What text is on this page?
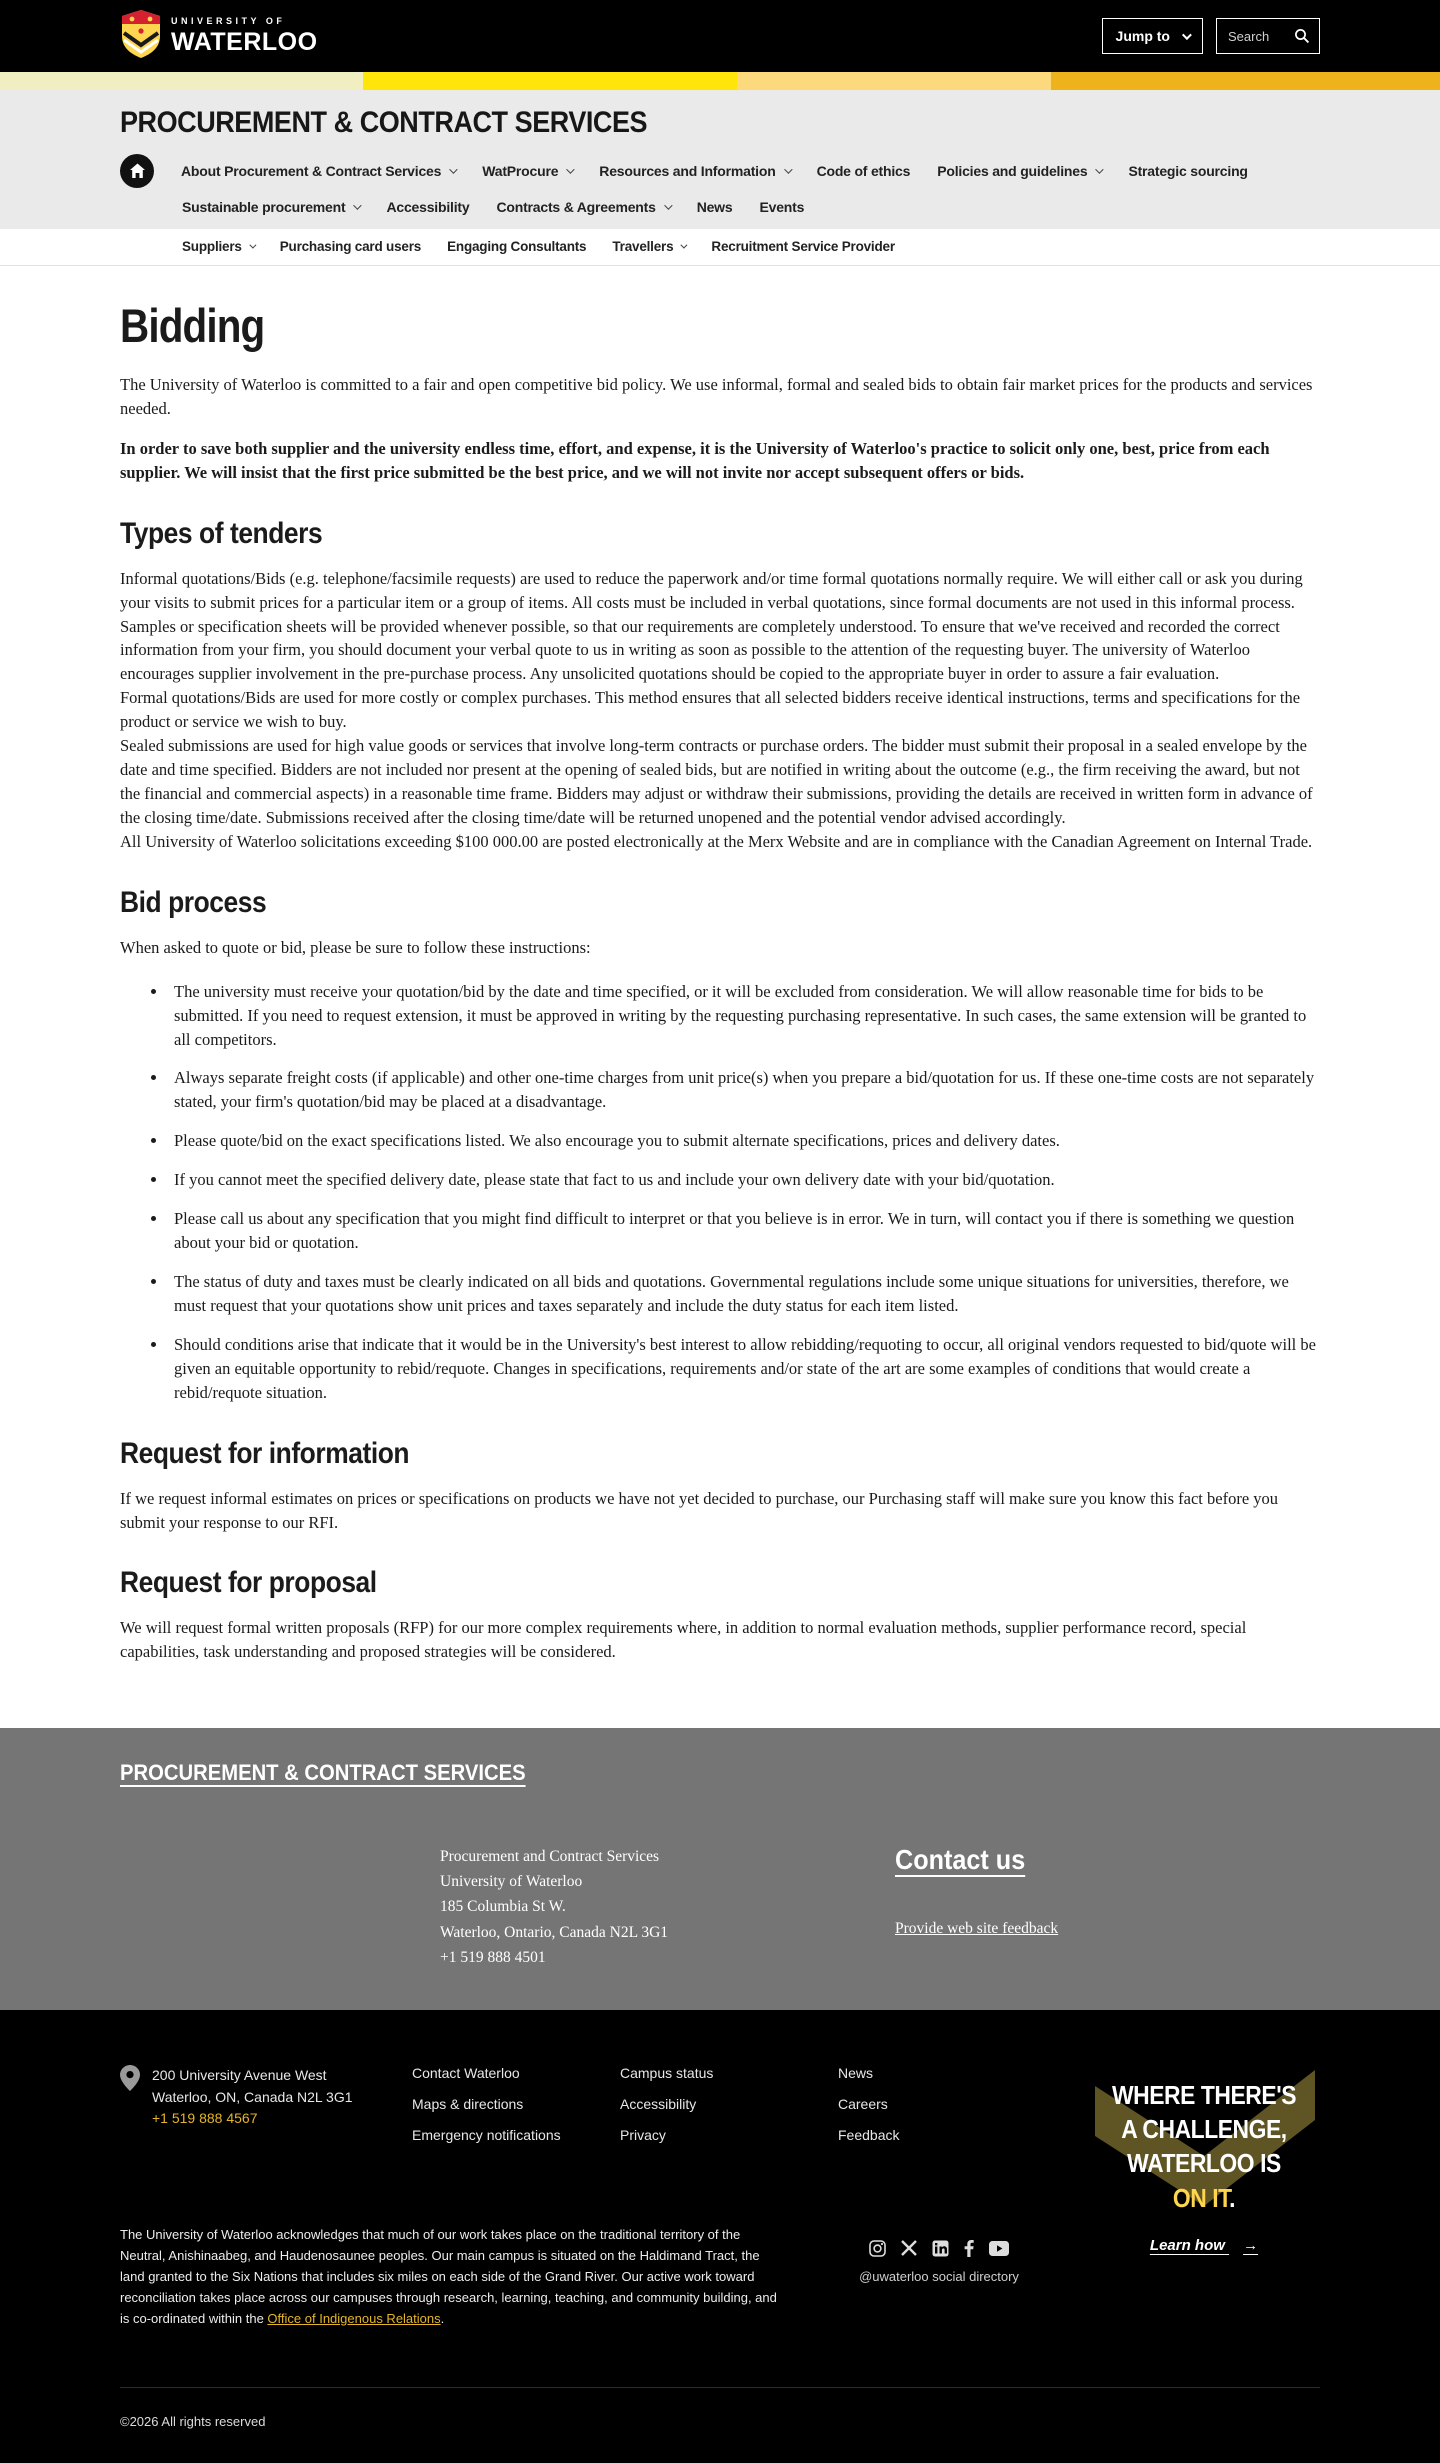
UNIVERSITY OF
WATERLOO	Jump to
Search
PROCUREMENT & CONTRACT SERVICES
About Procurement & Contract Services	WatProcure	Resources and Information	Code of ethics Policies and guidelines	Strategic sourcing
Sustainable procurement	Accessibility Contracts & Agreements	News Events
Suppliers	Purchasing card users Engaging Consultants Travellers	Recruitment Service Provider
Bidding

The University of Waterloo is committed to a fair and open competitive bid policy. We use informal, formal and sealed bids to obtain fair market prices for the products and services needed.

In order to save both supplier and the university endless time, effort, and expense, it is the University of Waterloo's practice to solicit only one, best, price from each supplier. We will insist that the first price submitted be the best price, and we will not invite nor accept subsequent offers or bids.

Types of tenders

Informal quotations/Bids (e.g. telephone/facsimile requests) are used to reduce the paperwork and/or time formal quotations normally require. We will either call or ask you during your visits to submit prices for a particular item or a group of items. All costs must be included in verbal quotations, since formal documents are not used in this informal process. Samples or specification sheets will be provided whenever possible, so that our requirements are completely understood. To ensure that we've received and recorded the correct information from your firm, you should document your verbal quote to us in writing as soon as possible to the attention of the requesting buyer. The university of Waterloo encourages supplier involvement in the pre-purchase process. Any unsolicited quotations should be copied to the appropriate buyer in order to assure a fair evaluation.

Formal quotations/Bids are used for more costly or complex purchases. This method ensures that all selected bidders receive identical instructions, terms and specifications for the product or service we wish to buy.

Sealed submissions are used for high value goods or services that involve long-term contracts or purchase orders. The bidder must submit their proposal in a sealed envelope by the date and time specified. Bidders are not included nor present at the opening of sealed bids, but are notified in writing about the outcome (e.g., the firm receiving the award, but not the financial and commercial aspects) in a reasonable time frame. Bidders may adjust or withdraw their submissions, providing the details are received in written form in advance of the closing time/date. Submissions received after the closing time/date will be returned unopened and the potential vendor advised accordingly.

All University of Waterloo solicitations exceeding $100 000.00 are posted electronically at the Merx Website and are in compliance with the Canadian Agreement on Internal Trade.

Bid process

When asked to quote or bid, please be sure to follow these instructions:

• The university must receive your quotation/bid by the date and time specified, or it will be excluded from consideration. We will allow reasonable time for bids to be submitted. If you need to request extension, it must be approved in writing by the requesting purchasing representative. In such cases, the same extension will be granted to all competitors.
• Always separate freight costs (if applicable) and other one-time charges from unit price(s) when you prepare a bid/quotation for us. If these one-time costs are not separately stated, your firm's quotation/bid may be placed at a disadvantage.
• Please quote/bid on the exact specifications listed. We also encourage you to submit alternate specifications, prices and delivery dates.
• If you cannot meet the specified delivery date, please state that fact to us and include your own delivery date with your bid/quotation.
• Please call us about any specification that you might find difficult to interpret or that you believe is in error. We in turn, will contact you if there is something we question about your bid or quotation.
• The status of duty and taxes must be clearly indicated on all bids and quotations. Governmental regulations include some unique situations for universities, therefore, we must request that your quotations show unit prices and taxes separately and include the duty status for each item listed.
• Should conditions arise that indicate that it would be in the University's best interest to allow rebidding/requoting to occur, all original vendors requested to bid/quote will be given an equitable opportunity to rebid/requote. Changes in specifications, requirements and/or state of the art are some examples of conditions that would create a rebid/requote situation.
Request for information

If we request informal estimates on prices or specifications on products we have not yet decided to purchase, our Purchasing staff will make sure you know this fact before you submit your response to our RFI.

Request for proposal

We will request formal written proposals (RFP) for our more complex requirements where, in addition to normal evaluation methods, supplier performance record, special capabilities, task understanding and proposed strategies will be considered.

PROCUREMENT & CONTRACT SERVICES
Procurement and Contract Services
University of Waterloo
185 Columbia St W.
Waterloo, Ontario, Canada N2L 3G1
+1 519 888 4501
Contact us
Provide web site feedback
200 University Avenue West
Waterloo, ON, Canada N2L 3G1
+1 519 888 4567
Contact Waterloo
Maps & directions
Emergency notifications
Campus status
Accessibility
Privacy
News
Careers
Feedback
The University of Waterloo acknowledges that much of our work takes place on the traditional territory of the Neutral, Anishinaabeg, and Haudenosaunee peoples. Our main campus is situated on the Haldimand Tract, the land granted to the Six Nations that includes six miles on each side of the Grand River. Our active work toward reconciliation takes place across our campuses through research, learning, teaching, and community building, and is co-ordinated within the Office of Indigenous Relations.
@uwaterloo social directory
©2026 All rights reserved
WHERE THERE'S
A CHALLENGE,
WATERLOO IS
ON IT.
Learn how →
